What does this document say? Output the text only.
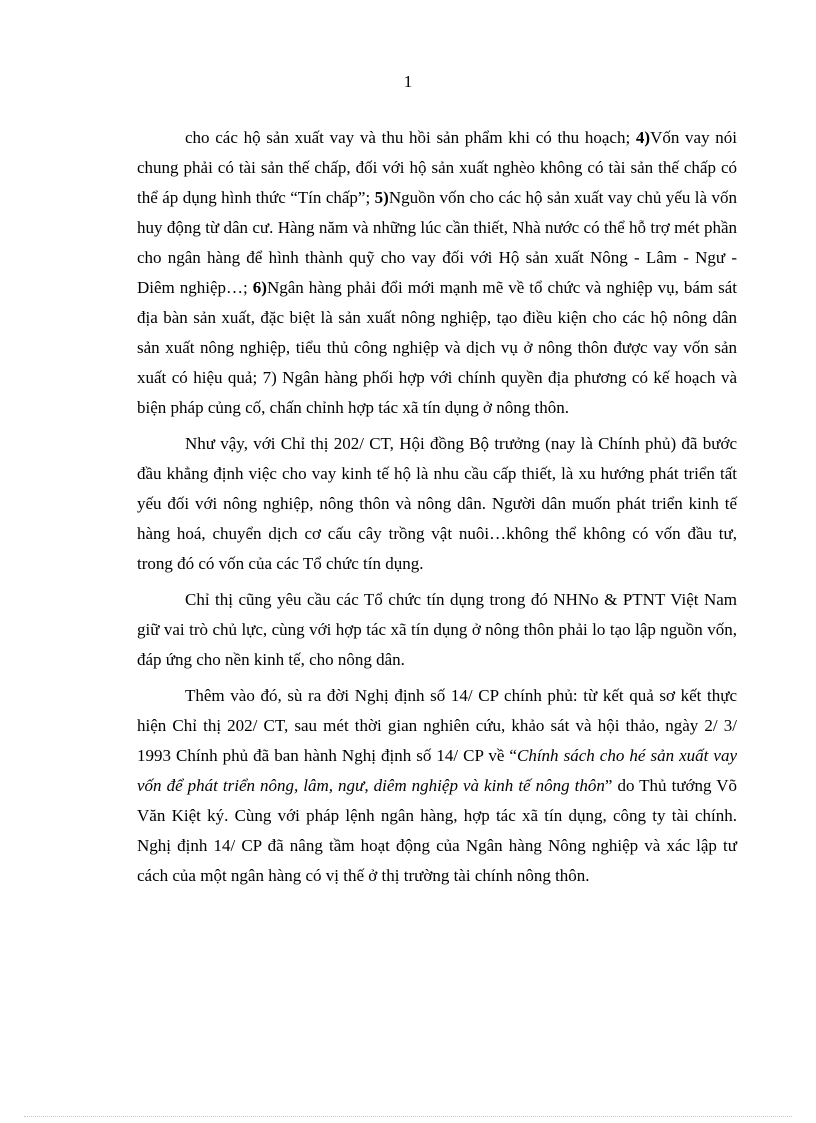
1

cho các hộ sản xuất vay và thu hồi sản phẩm khi có thu hoạch; 4)Vốn vay nói chung phải có tài sản thế chấp, đối với hộ sản xuất nghèo không có tài sản thế chấp có thể áp dụng hình thức “Tín chấp”; 5)Nguồn vốn cho các hộ sản xuất vay chủ yếu là vốn huy động từ dân cư. Hàng năm và những lúc cần thiết, Nhà nước có thể hỗ trợ mét phần cho ngân hàng để hình thành quỹ cho vay đối với Hộ sản xuất Nông - Lâm - Ngư - Diêm nghiệp…; 6)Ngân hàng phải đổi mới mạnh mẽ về tổ chức và nghiệp vụ, bám sát địa bàn sản xuất, đặc biệt là sản xuất nông nghiệp, tạo điều kiện cho các hộ nông dân sản xuất nông nghiệp, tiểu thủ công nghiệp và dịch vụ ở nông thôn được vay vốn sản xuất có hiệu quả; 7) Ngân hàng phối hợp với chính quyền địa phương có kế hoạch và biện pháp củng cố, chấn chỉnh hợp tác xã tín dụng ở nông thôn.

Như vậy, với Chỉ thị 202/ CT, Hội đồng Bộ trưởng (nay là Chính phủ) đã bước đầu khẳng định việc cho vay kinh tế hộ là nhu cầu cấp thiết, là xu hướng phát triển tất yếu đối với nông nghiệp, nông thôn và nông dân. Người dân muốn phát triển kinh tế hàng hoá, chuyển dịch cơ cấu cây trồng vật nuôi…không thể không có vốn đầu tư, trong đó có vốn của các Tổ chức tín dụng.

Chỉ thị cũng yêu cầu các Tổ chức tín dụng trong đó NHNo & PTNT Việt Nam giữ vai trò chủ lực, cùng với hợp tác xã tín dụng ở nông thôn phải lo tạo lập nguồn vốn, đáp ứng cho nền kinh tế, cho nông dân.

Thêm vào đó, sù ra đời Nghị định số 14/ CP chính phủ: từ kết quả sơ kết thực hiện Chỉ thị 202/ CT, sau mét thời gian nghiên cứu, khảo sát và hội thảo, ngày 2/ 3/ 1993 Chính phủ đã ban hành Nghị định số 14/ CP về “Chính sách cho hé sản xuất vay vốn để phát triển nông, lâm, ngư, diêm nghiệp và kinh tế nông thôn” do Thủ tướng Võ Văn Kiệt ký. Cùng với pháp lệnh ngân hàng, hợp tác xã tín dụng, công ty tài chính. Nghị định 14/ CP đã nâng tầm hoạt động của Ngân hàng Nông nghiệp và xác lập tư cách của một ngân hàng có vị thế ở thị trường tài chính nông thôn.
